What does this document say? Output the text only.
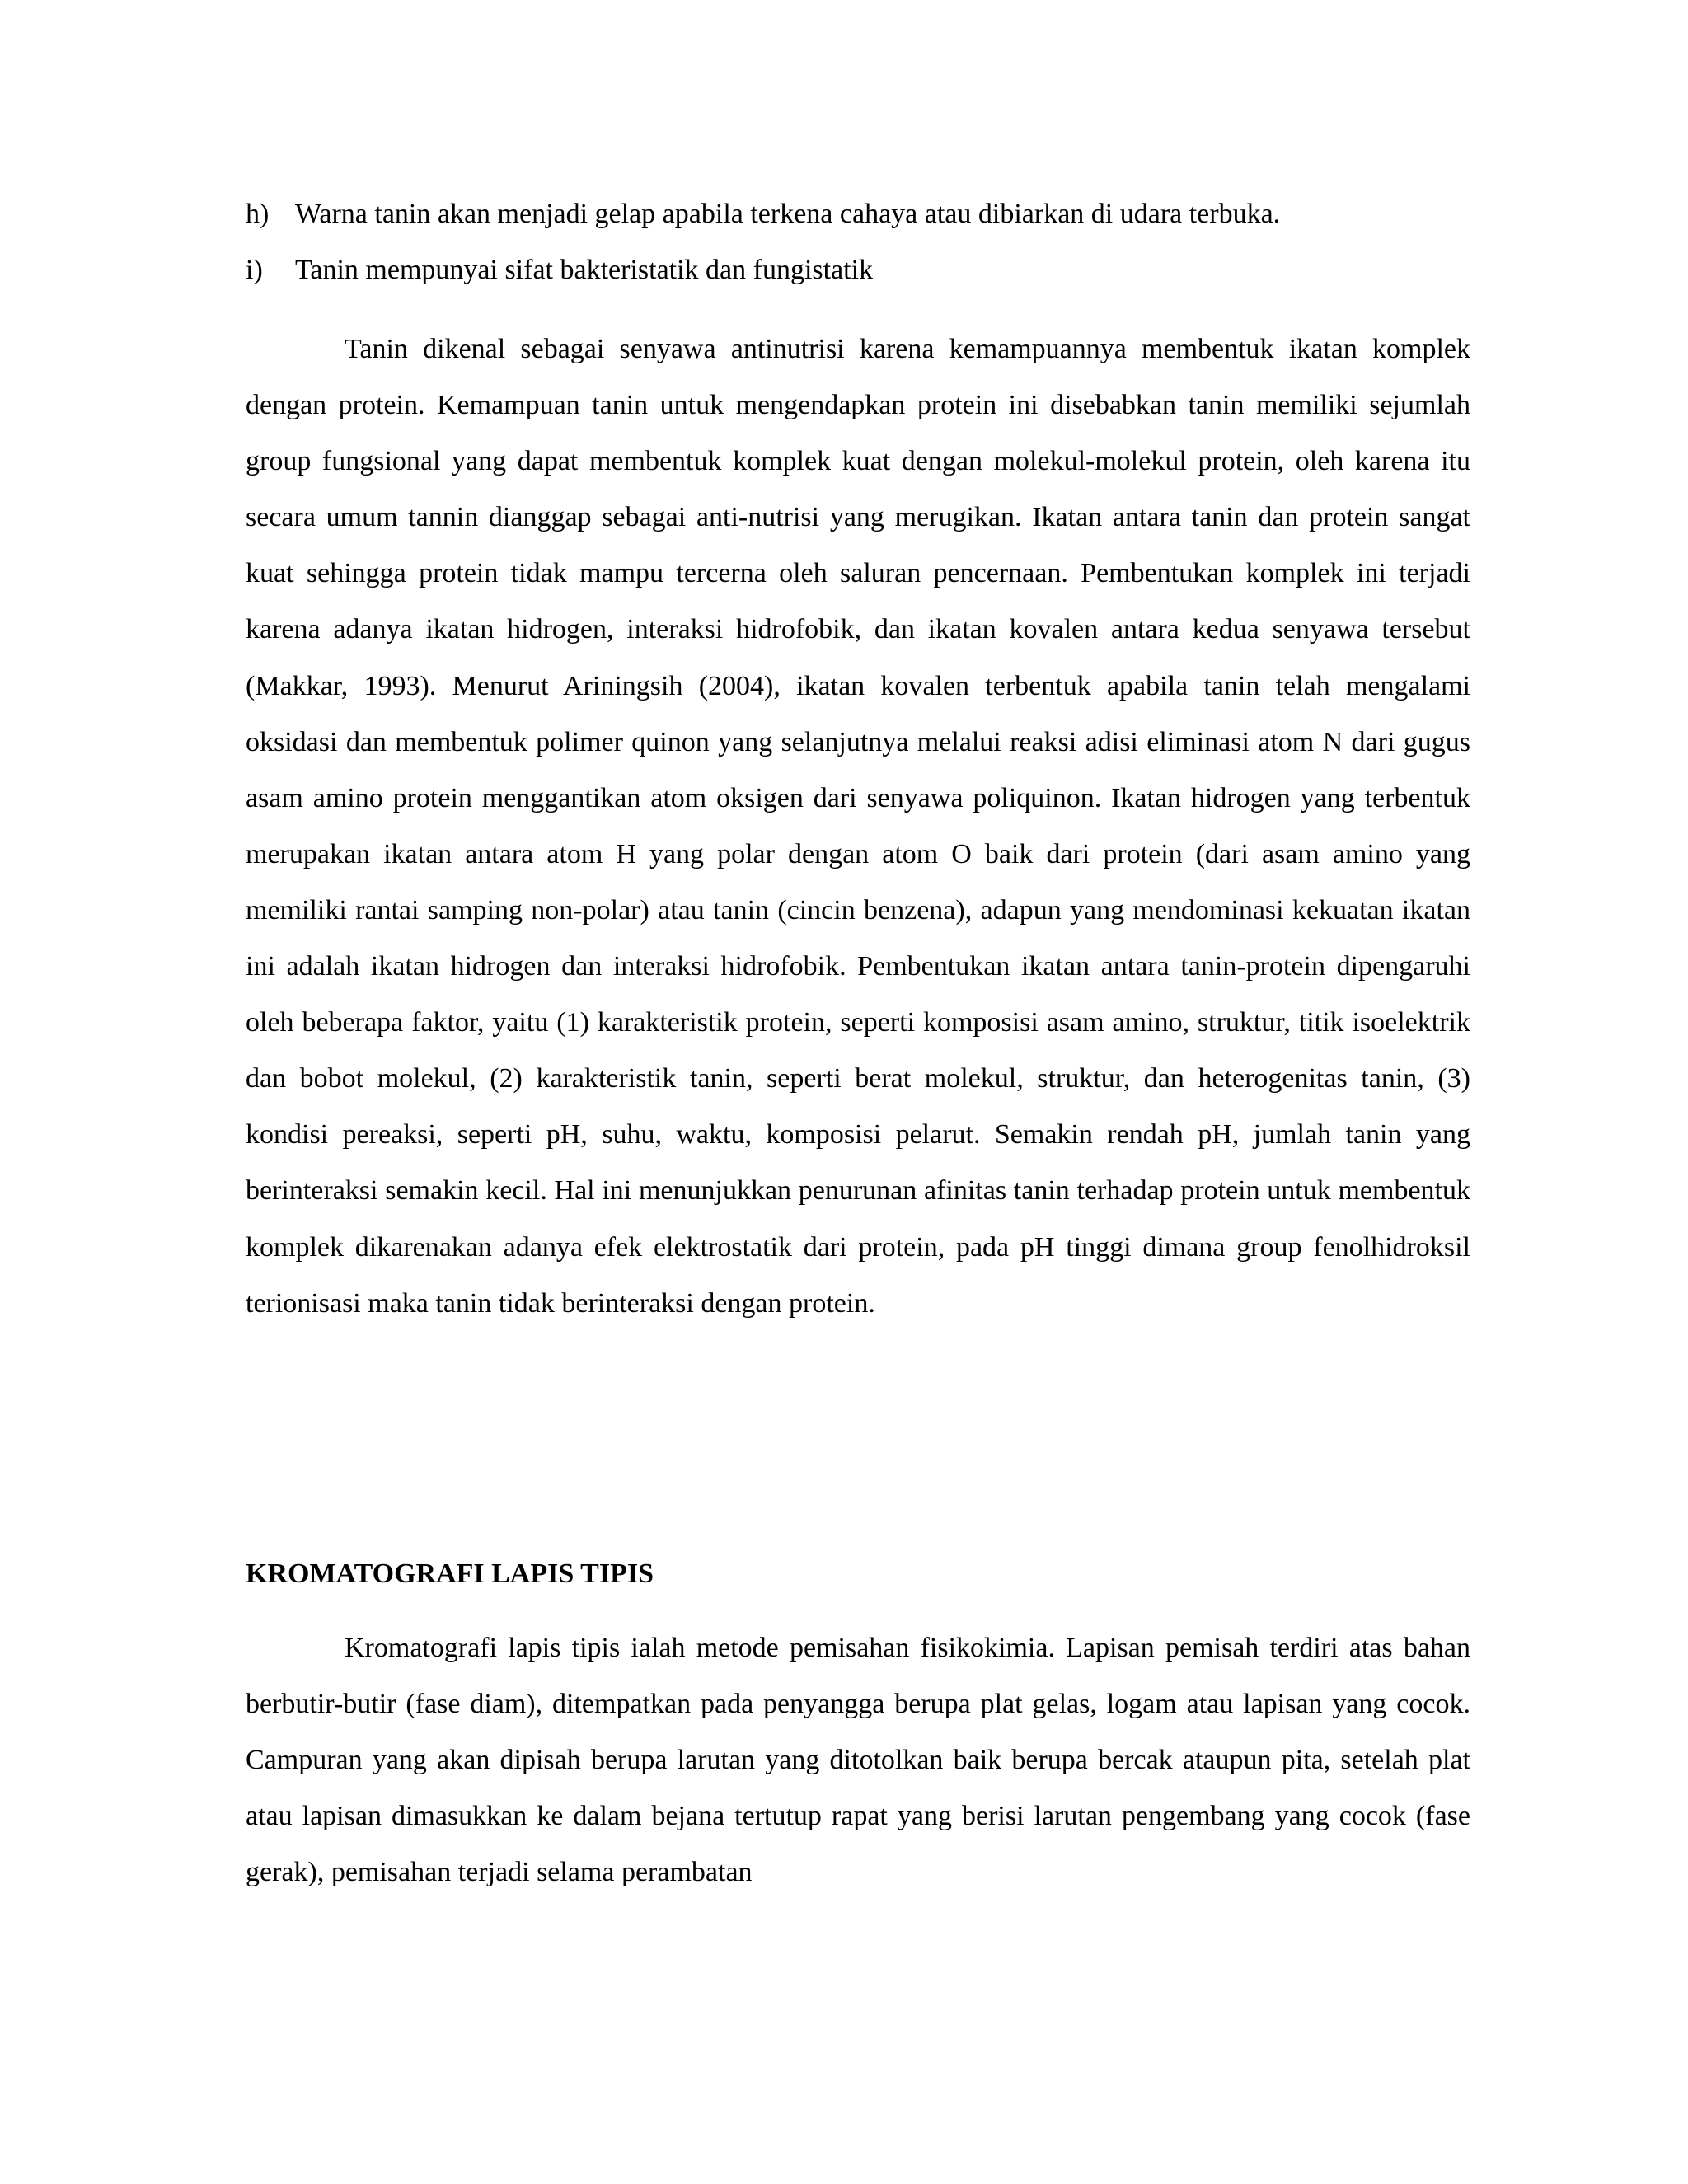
h) Warna tanin akan menjadi gelap apabila terkena cahaya atau dibiarkan di udara terbuka.
i) Tanin mempunyai sifat bakteristatik dan fungistatik

Tanin dikenal sebagai senyawa antinutrisi karena kemampuannya membentuk ikatan komplek dengan protein. Kemampuan tanin untuk mengendapkan protein ini disebabkan tanin memiliki sejumlah group fungsional yang dapat membentuk komplek kuat dengan molekul-molekul protein, oleh karena itu secara umum tannin dianggap sebagai anti-nutrisi yang merugikan. Ikatan antara tanin dan protein sangat kuat sehingga protein tidak mampu tercerna oleh saluran pencernaan. Pembentukan komplek ini terjadi karena adanya ikatan hidrogen, interaksi hidrofobik, dan ikatan kovalen antara kedua senyawa tersebut (Makkar, 1993). Menurut Ariningsih (2004), ikatan kovalen terbentuk apabila tanin telah mengalami oksidasi dan membentuk polimer quinon yang selanjutnya melalui reaksi adisi eliminasi atom N dari gugus asam amino protein menggantikan atom oksigen dari senyawa poliquinon. Ikatan hidrogen yang terbentuk merupakan ikatan antara atom H yang polar dengan atom O baik dari protein (dari asam amino yang memiliki rantai samping non-polar) atau tanin (cincin benzena), adapun yang mendominasi kekuatan ikatan ini adalah ikatan hidrogen dan interaksi hidrofobik. Pembentukan ikatan antara tanin-protein dipengaruhi oleh beberapa faktor, yaitu (1) karakteristik protein, seperti komposisi asam amino, struktur, titik isoelektrik dan bobot molekul, (2) karakteristik tanin, seperti berat molekul, struktur, dan heterogenitas tanin, (3) kondisi pereaksi, seperti pH, suhu, waktu, komposisi pelarut. Semakin rendah pH, jumlah tanin yang berinteraksi semakin kecil. Hal ini menunjukkan penurunan afinitas tanin terhadap protein untuk membentuk komplek dikarenakan adanya efek elektrostatik dari protein, pada pH tinggi dimana group fenolhidroksil terionisasi maka tanin tidak berinteraksi dengan protein.

KROMATOGRAFI LAPIS TIPIS

Kromatografi lapis tipis ialah metode pemisahan fisikokimia. Lapisan pemisah terdiri atas bahan berbutir-butir (fase diam), ditempatkan pada penyangga berupa plat gelas, logam atau lapisan yang cocok. Campuran yang akan dipisah berupa larutan yang ditotolkan baik berupa bercak ataupun pita, setelah plat atau lapisan dimasukkan ke dalam bejana tertutup rapat yang berisi larutan pengembang yang cocok (fase gerak), pemisahan terjadi selama perambatan
